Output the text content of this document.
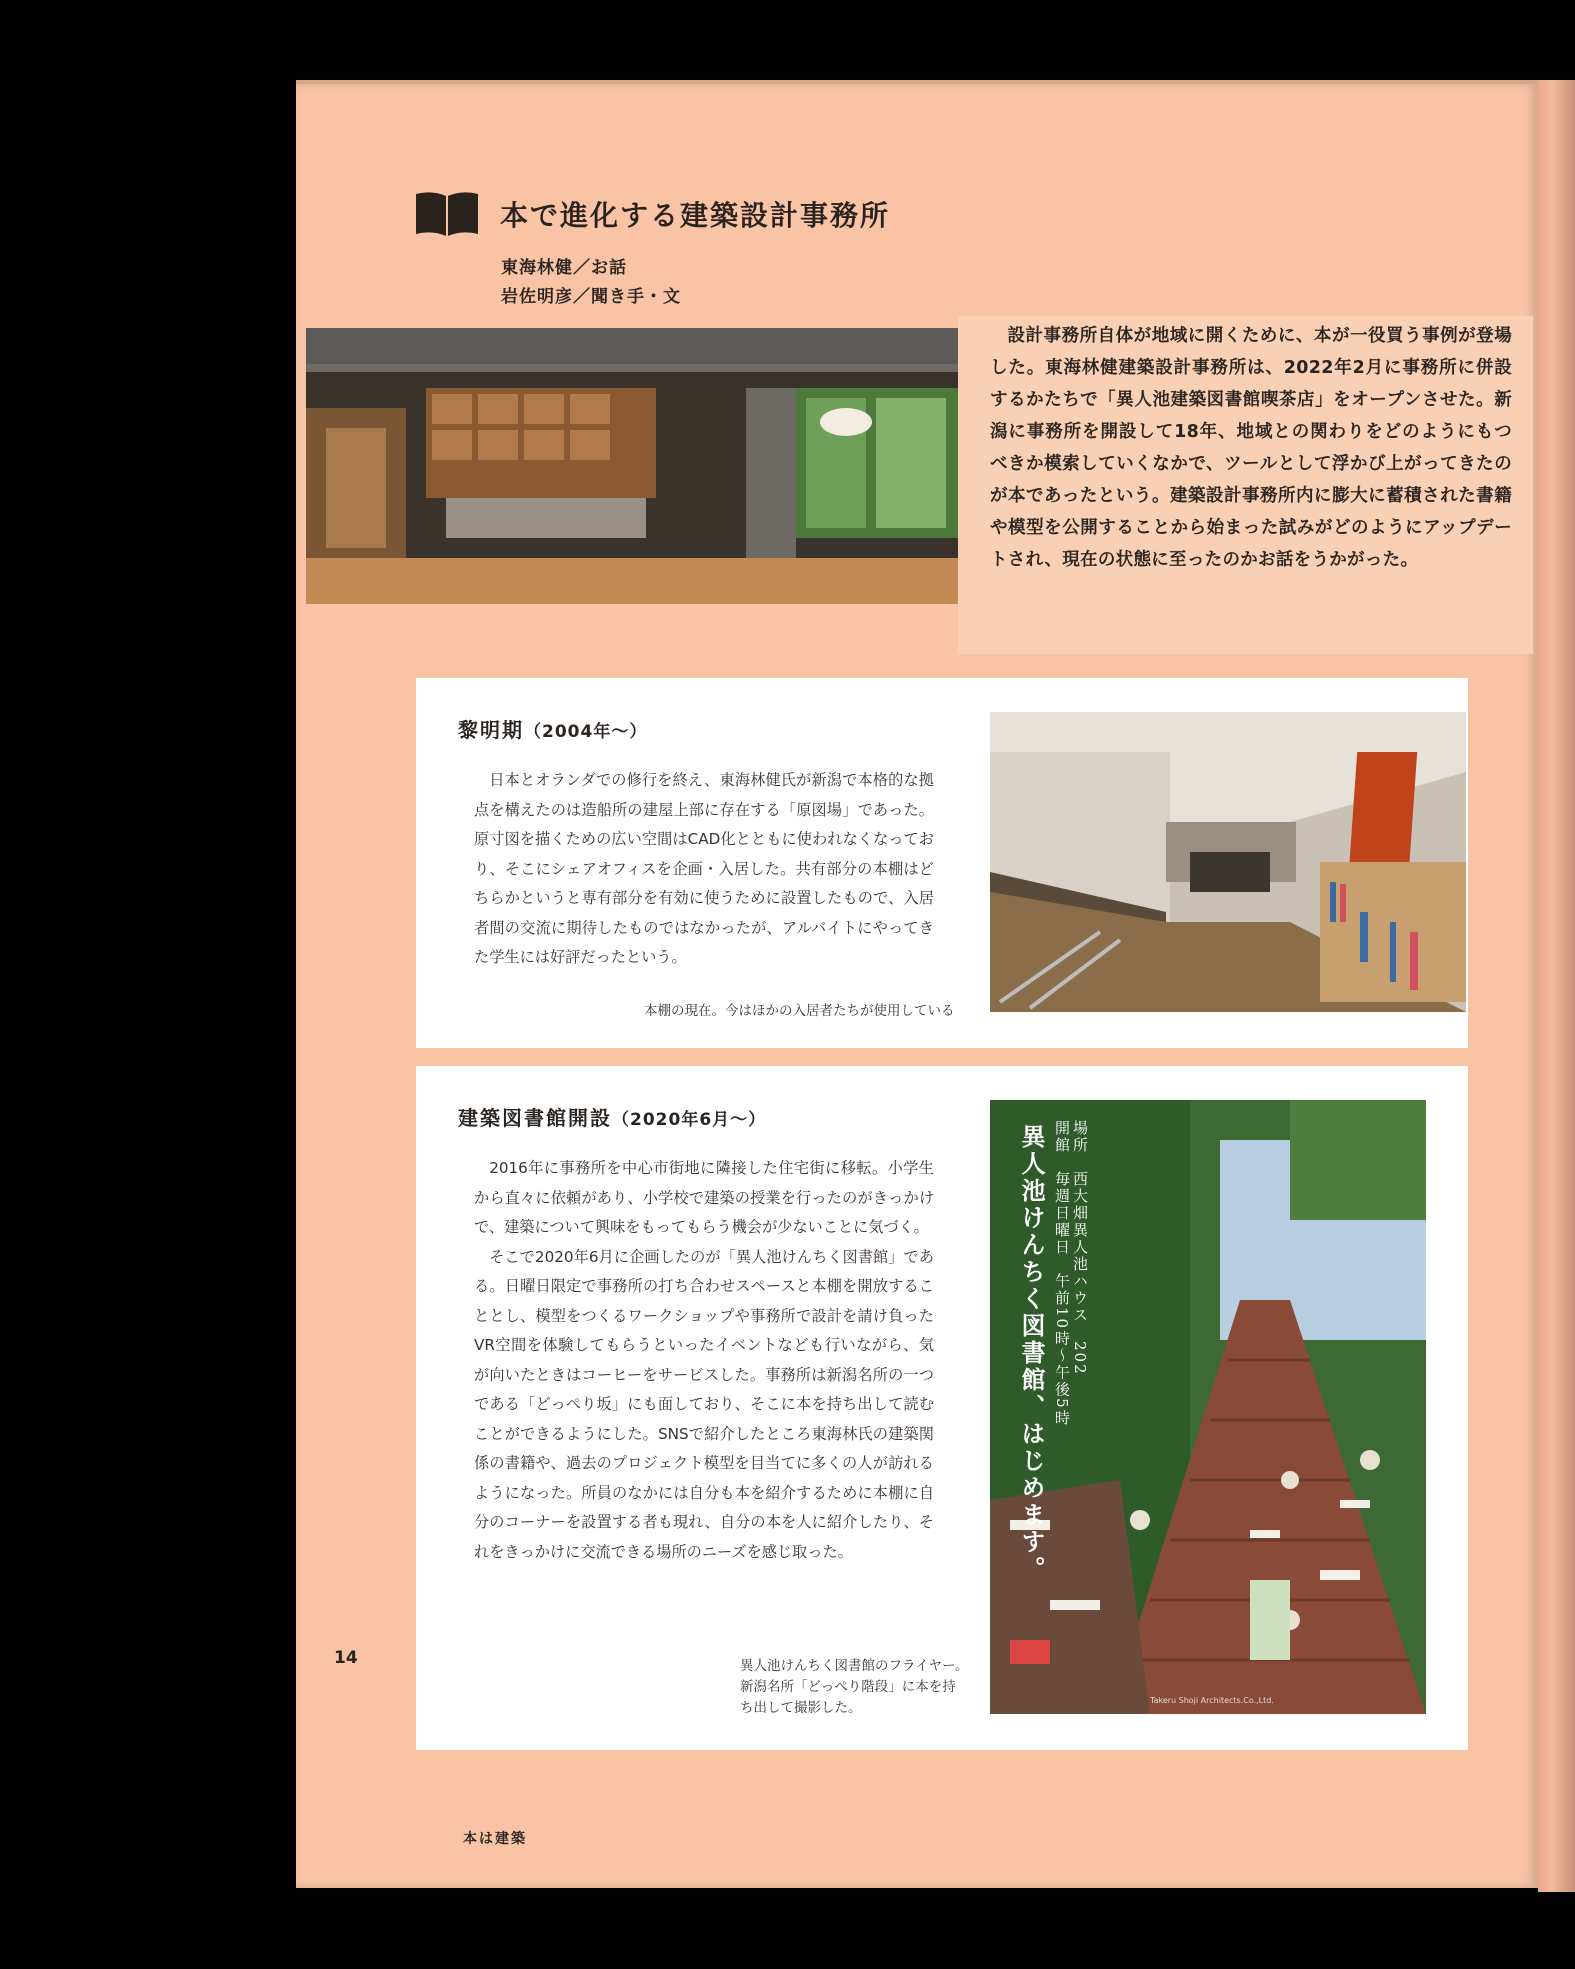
本で進化する建築設計事務所
東海林健／お話
岩佐明彦／聞き手・文
設計事務所自体が地域に開くために、本が一役買う事例が登場した。東海林健建築設計事務所は、2022年2月に事務所に併設するかたちで「異人池建築図書館喫茶店」をオープンさせた。新潟に事務所を開設して18年、地域との関わりをどのようにもつべきか模索していくなかで、ツールとして浮かび上がってきたのが本であったという。建築設計事務所内に膨大に蓄積された書籍や模型を公開することから始まった試みがどのようにアップデートされ、現在の状態に至ったのかお話をうかがった。
黎明期（2004年〜）

日本とオランダでの修行を終え、東海林健氏が新潟で本格的な拠点を構えたのは造船所の建屋上部に存在する「原図場」であった。原寸図を描くための広い空間はCAD化とともに使われなくなっており、そこにシェアオフィスを企画・入居した。共有部分の本棚はどちらかというと専有部分を有効に使うために設置したもので、入居者間の交流に期待したものではなかったが、アルバイトにやってきた学生には好評だったという。

本棚の現在。今はほかの入居者たちが使用している
建築図書館開設（2020年6月〜）

2016年に事務所を中心市街地に隣接した住宅街に移転。小学生から直々に依頼があり、小学校で建築の授業を行ったのがきっかけで、建築について興味をもってもらう機会が少ないことに気づく。

そこで2020年6月に企画したのが「異人池けんちく図書館」である。日曜日限定で事務所の打ち合わせスペースと本棚を開放することとし、模型をつくるワークショップや事務所で設計を請け負ったVR空間を体験してもらうといったイベントなども行いながら、気が向いたときはコーヒーをサービスした。事務所は新潟名所の一つである「どっぺり坂」にも面しており、そこに本を持ち出して読むことができるようにした。SNSで紹介したところ東海林氏の建築関係の書籍や、過去のプロジェクト模型を目当てに多くの人が訪れるようになった。所員のなかには自分も本を紹介するために本棚に自分のコーナーを設置する者も現れ、自分の本を人に紹介したり、それをきっかけに交流できる場所のニーズを感じ取った。

異人池けんちく図書館のフライヤー。
新潟名所「どっぺり階段」に本を持
ち出して撮影した。
異人池けんちく図書館、はじめます。 場所　西大畑異人池ハウス　202
開館　毎週日曜日　午前10時〜午後5時
Takeru Shoji Architects.Co.,Ltd.
14
本は建築
